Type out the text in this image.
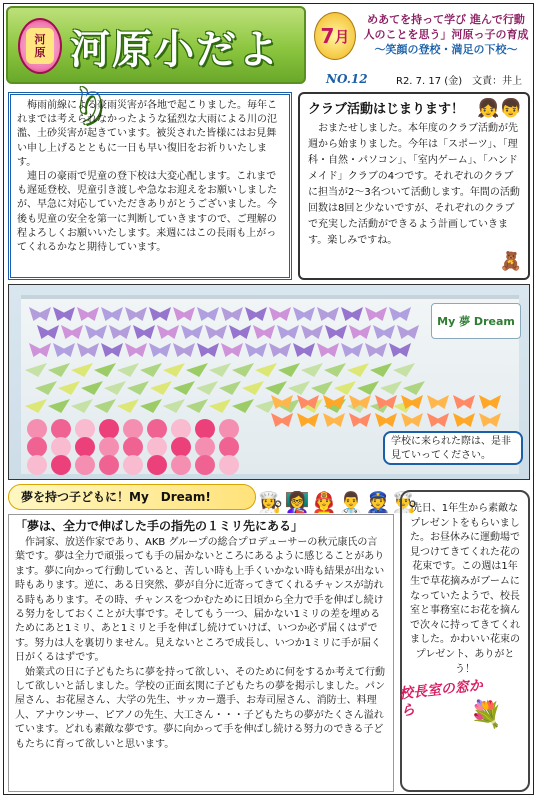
河
原 河原小だより
7 月
めあてを持って学び 進んで行動
人のことを思う」河原っ子の育成
〜笑顔の登校・満足の下校〜
NO.12	R2. 7. 17 (金)　文責：井上

梅雨前線による豪雨災害が各地で起こりました。毎年これまでは考えられなかったような猛烈な大雨による川の氾濫、土砂災害が起きています。被災された皆様にはお見舞い申し上げるとともに一日も早い復旧をお祈りいたします。

連日の豪雨で児童の登下校は大変心配します。これまでも遅延登校、児童引き渡しや急なお迎えをお願いしましたが、早急に対応していただきありがとうございました。今後も児童の安全を第一に判断していきますので、ご理解の程よろしくお願いいたします。来週にはこの長雨も上がってくれるかなと期待しています。

クラブ活動はじまります！

おまたせしました。本年度のクラブ活動が先週から始まりました。今年は「スポーツ」、「理科・自然・パソコン」、「室内ゲーム」、「ハンドメイド」クラブの4つです。それぞれのクラブに担当が2〜3名ついて活動します。年間の活動回数は8回と少ないですが、それぞれのクラブで充実した活動ができるよう計画していきます。楽しみですね。

👧👦
🧸
My 夢 Dream
学校に来られた際は、是非見ていってください。
夢を持つ子どもに！My　Dream!	👩‍🍳 👩‍🏫 👨‍🚒 👨‍⚕️ 👮 👨‍🍳
「夢は、全力で伸ばした手の指先の１ミリ先にある」

作詞家、放送作家であり、AKB グループの総合プロデューサーの秋元康氏の言葉です。夢は全力で頑張っても手の届かないところにあるように感じることがあります。夢に向かって行動していると、苦しい時も上手くいかない時も結果が出ない時もあります。逆に、ある日突然、夢が自分に近寄ってきてくれるチャンスが訪れる時もあります。その時、チャンスをつかむために日頃から全力で手を伸ばし続ける努力をしておくことが大事です。そしてもう一つ、届かない1ミリの差を埋めるためにあと1ミリ、あと1ミリと手を伸ばし続けていけば、いつか必ず届くはずです。努力は人を裏切りません。見えないところで成長し、いつか1ミリに手が届く日がくるはずです。

始業式の日に子どもたちに夢を持って欲しい、そのために何をするか考えて行動して欲しいと話しました。学校の正面玄関に子どもたちの夢を掲示しました。パン屋さん、お花屋さん、大学の先生、サッカー選手、お寿司屋さん、消防士、料理人、アナウンサー、ピアノの先生、大工さん・・・子どもたちの夢がたくさん溢れています。どれも素敵な夢です。夢に向かって手を伸ばし続ける努力のできる子どもたちに育って欲しいと思います。

先日、1年生から素敵なプレゼントをもらいました。お昼休みに運動場で見つけてきてくれた花の花束です。この週は1年生で草花摘みがブームになっていたようで、校長室と事務室にお花を摘んで次々に持ってきてくれました。かわいい花束のプレゼント、ありがとう！

校長室の窓から	💐
